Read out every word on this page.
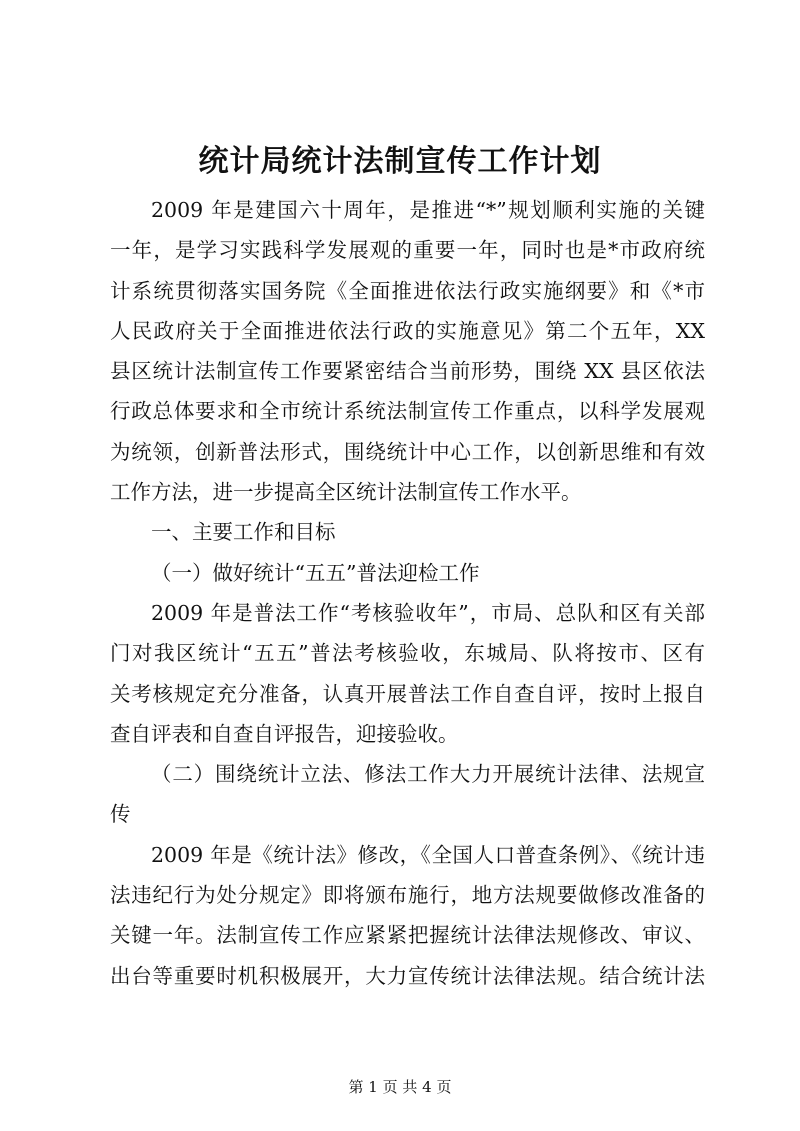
统计局统计法制宣传工作计划
2009 年是建国六十周年，是推进“*”规划顺利实施的关键
一年，是学习实践科学发展观的重要一年，同时也是*市政府统
计系统贯彻落实国务院《全面推进依法行政实施纲要》和《*市
人民政府关于全面推进依法行政的实施意见》第二个五年，XX
县区统计法制宣传工作要紧密结合当前形势，围绕 XX 县区依法
行政总体要求和全市统计系统法制宣传工作重点，以科学发展观
为统领，创新普法形式，围绕统计中心工作，以创新思维和有效
工作方法，进一步提高全区统计法制宣传工作水平。
一、主要工作和目标
（一）做好统计“五五”普法迎检工作
2009 年是普法工作“考核验收年”，市局、总队和区有关部
门对我区统计“五五”普法考核验收，东城局、队将按市、区有
关考核规定充分准备，认真开展普法工作自查自评，按时上报自
查自评表和自查自评报告，迎接验收。
（二）围绕统计立法、修法工作大力开展统计法律、法规宣
传
2009 年是《统计法》修改，《全国人口普查条例》、《统计违
法违纪行为处分规定》即将颁布施行，地方法规要做修改准备的
关键一年。法制宣传工作应紧紧把握统计法律法规修改、审议、
出台等重要时机积极展开，大力宣传统计法律法规。结合统计法
第 1 页 共 4 页
